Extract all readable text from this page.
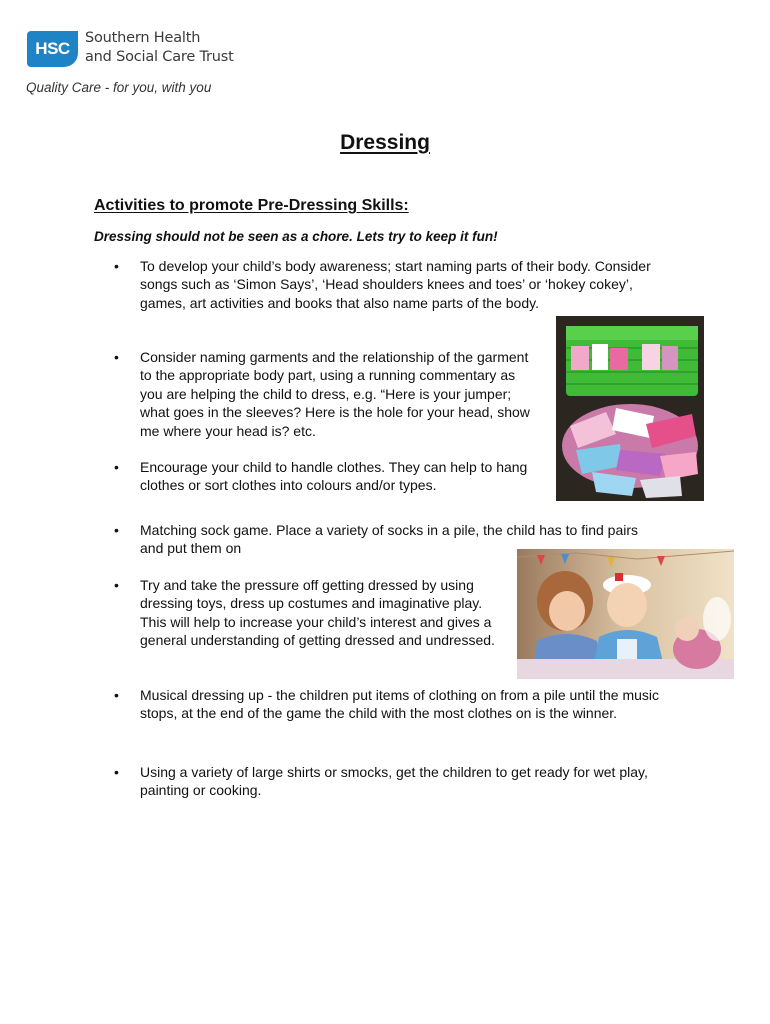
HSC
Southern Health
and Social Care Trust
Quality Care - for you, with you
Dressing
Activities to promote Pre-Dressing Skills:
Dressing should not be seen as a chore. Lets try to keep it fun!
• To develop your child’s body awareness; start naming parts of their body. Consider songs such as ‘Simon Says’, ‘Head shoulders knees and toes’ or ‘hokey cokey’, games, art activities and books that also name parts of the body.
• Consider naming garments and the relationship of the garment to the appropriate body part, using a running commentary as you are helping the child to dress, e.g. “Here is your jumper; what goes in the sleeves? Here is the hole for your head, show me where your head is? etc.
• Encourage your child to handle clothes. They can help to hang clothes or sort clothes into colours and/or types.
• Matching sock game. Place a variety of socks in a pile, the child has to find pairs and put them on
• Try and take the pressure off getting dressed by using dressing toys, dress up costumes and imaginative play. This will help to increase your child’s interest and gives a general understanding of getting dressed and undressed.
• Musical dressing up - the children put items of clothing on from a pile until the music stops, at the end of the game the child with the most clothes on is the winner.
• Using a variety of large shirts or smocks, get the children to get ready for wet play, painting or cooking.
